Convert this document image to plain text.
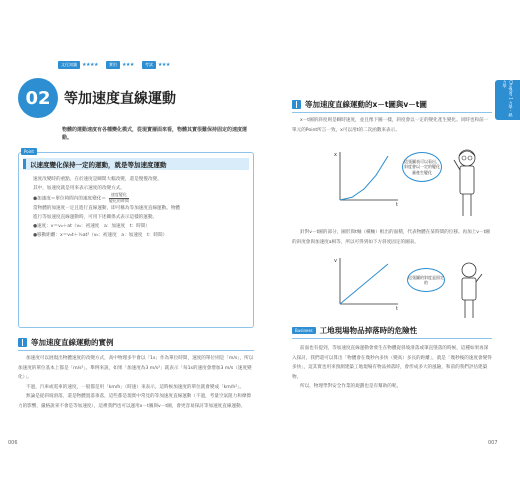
文化知識	★★★★	實用	★★★	考試	★★★
02 等加速度直線運動
物體的運動速度有各種變化模式，從現實層面來看，物體其實很難保持固定的速度運動。
Point
以速度變化保持一定的運動，就是等加速度運動

速度改變時的重點，在於速度是瞬間大幅改變，還是慢慢改變。

其中，加速度就是用來表示速度的改變方式。

●加速度＝單位時間內的速度變化＝ $\frac{\text{速度變化}}{\text{變化的時間}}$

當物體的加速度一定且進行直線運動，即可稱為等加速度直線運動。物體

進行等加速度直線運動時，可用下述關係式表示這樣的運動。

●速度：v＝v₀＋at（v₀：初速度　a：加速度　t：時間）

●移動距離：x＝v₀t＋½at²（v₀：初速度　a：加速度　t：時間）

等加速度直線運動的實例

加速度可以展現出物體速度的改變方式，高中物理多半會以「1s」作為單位時間，速度的單位則是「m/s」，所以加速度的單位基本上都是「m/s²」。舉例來說，如果「加速度為3 m/s²」就表示「每1s的速度會增加3 m/s（速度變化）」。

不過，汽車或電車的速度，一般都是用「km/h」（時速）來表示，這時候加速度的單位就會變成「km/h²」。

無論是從斜坡滑落，還是物體置落垂落，這些都是現實中常見的等加速度直線運動（不過，考量空氣阻力和摩擦力的影響，嚴格說來不會是等加速度），這裡我們也可以運用x－t圖與v－t圖，會更容易探討等加速度直線運動。

006
等加速度直線運動的x－t圖與v－t圖

x－t圖的斜度則是瞬時速度，並且像下圖一樣，斜度會以一定的變化產生變化。同時也和前一單元的Point所言一致，x可以用t的二次函數來表示。

t
x
這張圖表可以看出，斜度會以一定的變化量產生變化

針對v－t圖的部分，圖形與t軸（橫軸）框出的面積，代表物體在某時間的位移。再加上v－t圖的斜度會與加速度a相等，所以可得到如下方斜度固定的圖表。

t
v
這張圖的斜度是固定的
Business 工地現場物品掉落時的危險性

前面也有提到，等加速度直線運動會發生在物體從斜坡滑落或筆直墜落的時候，這種如果再深入探討，我們還可以算出「物體會在幾秒內多快（變高）多長的距離」，就是「幾秒後的速度會變得多快」，這其實也用來預測建築工地現場有物品掉落時，會形成多大的風險，和前的我們評估建築物。

所以，物理學對安全作業的規劃也是有幫助的呢。

007
Chapter 1 力學・熱力學
